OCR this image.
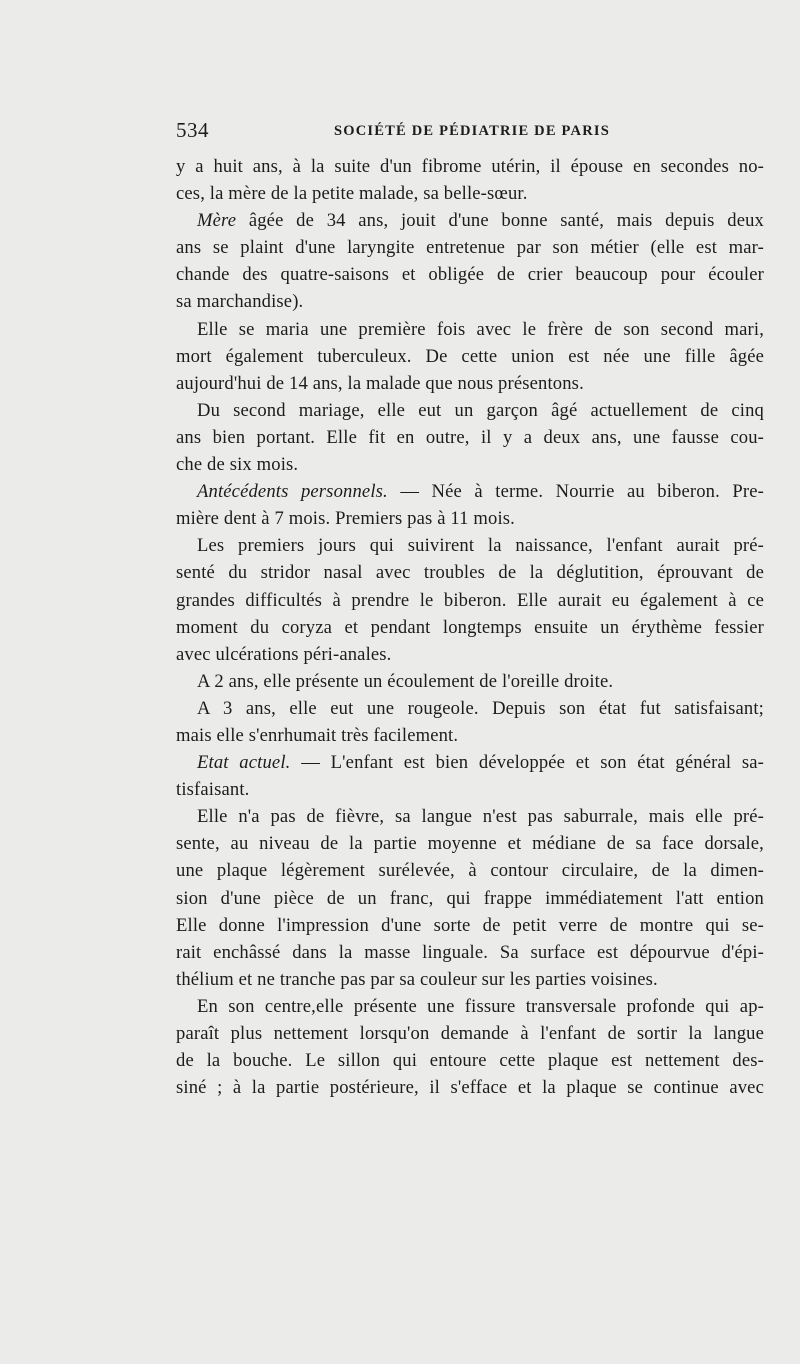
534	SOCIÉTÉ DE PÉDIATRIE DE PARIS

y a huit ans, à la suite d'un fibrome utérin, il épouse en secondes no-

ces, la mère de la petite malade, sa belle-sœur.

Mère âgée de 34 ans, jouit d'une bonne santé, mais depuis deux

ans se plaint d'une laryngite entretenue par son métier (elle est mar-

chande des quatre-saisons et obligée de crier beaucoup pour écouler

sa marchandise).

Elle se maria une première fois avec le frère de son second mari,

mort également tuberculeux. De cette union est née une fille âgée

aujourd'hui de 14 ans, la malade que nous présentons.

Du second mariage, elle eut un garçon âgé actuellement de cinq

ans bien portant. Elle fit en outre, il y a deux ans, une fausse cou-

che de six mois.

Antécédents personnels. — Née à terme. Nourrie au biberon. Pre-

mière dent à 7 mois. Premiers pas à 11 mois.

Les premiers jours qui suivirent la naissance, l'enfant aurait pré-

senté du stridor nasal avec troubles de la déglutition, éprouvant de

grandes difficultés à prendre le biberon. Elle aurait eu également à ce

moment du coryza et pendant longtemps ensuite un érythème fessier

avec ulcérations péri-anales.

A 2 ans, elle présente un écoulement de l'oreille droite.

A 3 ans, elle eut une rougeole. Depuis son état fut satisfaisant;

mais elle s'enrhumait très facilement.

Etat actuel. — L'enfant est bien développée et son état général sa-

tisfaisant.

Elle n'a pas de fièvre, sa langue n'est pas saburrale, mais elle pré-

sente, au niveau de la partie moyenne et médiane de sa face dorsale,

une plaque légèrement surélevée, à contour circulaire, de la dimen-

sion d'une pièce de un franc, qui frappe immédiatement l'att ention

Elle donne l'impression d'une sorte de petit verre de montre qui se-

rait enchâssé dans la masse linguale. Sa surface est dépourvue d'épi-

thélium et ne tranche pas par sa couleur sur les parties voisines.

En son centre,elle présente une fissure transversale profonde qui ap-

paraît plus nettement lorsqu'on demande à l'enfant de sortir la langue

de la bouche. Le sillon qui entoure cette plaque est nettement des-

siné ; à la partie postérieure, il s'efface et la plaque se continue avec
